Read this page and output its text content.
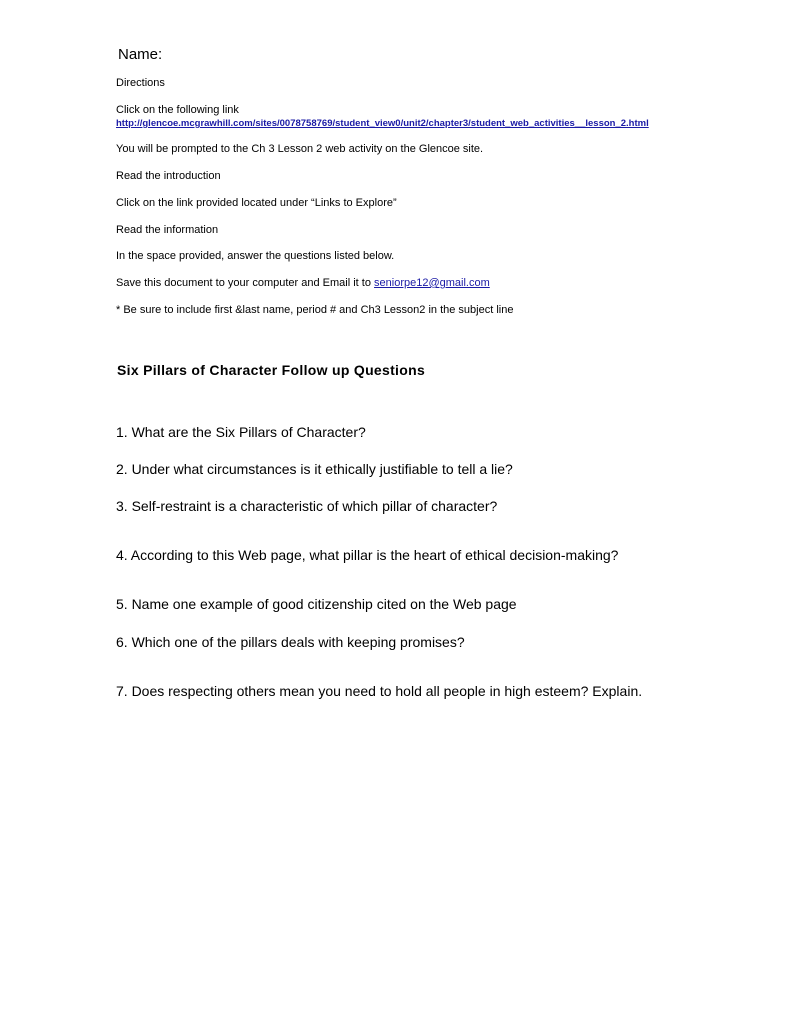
Name:
Directions
Click on the following link
http://glencoe.mcgrawhill.com/sites/0078758769/student_view0/unit2/chapter3/student_web_activities__lesson_2.html
You will be prompted to the Ch 3 Lesson 2 web activity on the Glencoe site.
Read the introduction
Click on the link provided located under “Links to Explore”
Read the information
In the space provided, answer the questions listed below.
Save this document to your computer and Email it to seniorpe12@gmail.com
* Be sure to include first &last name, period # and Ch3 Lesson2 in the subject line
Six Pillars of Character Follow up Questions
1. What are the Six Pillars of Character?
2. Under what circumstances is it ethically justifiable to tell a lie?
3. Self-restraint is a characteristic of which pillar of character?
4. According to this Web page, what pillar is the heart of ethical decision-making?
5. Name one example of good citizenship cited on the Web page
6. Which one of the pillars deals with keeping promises?
7. Does respecting others mean you need to hold all people in high esteem? Explain.
